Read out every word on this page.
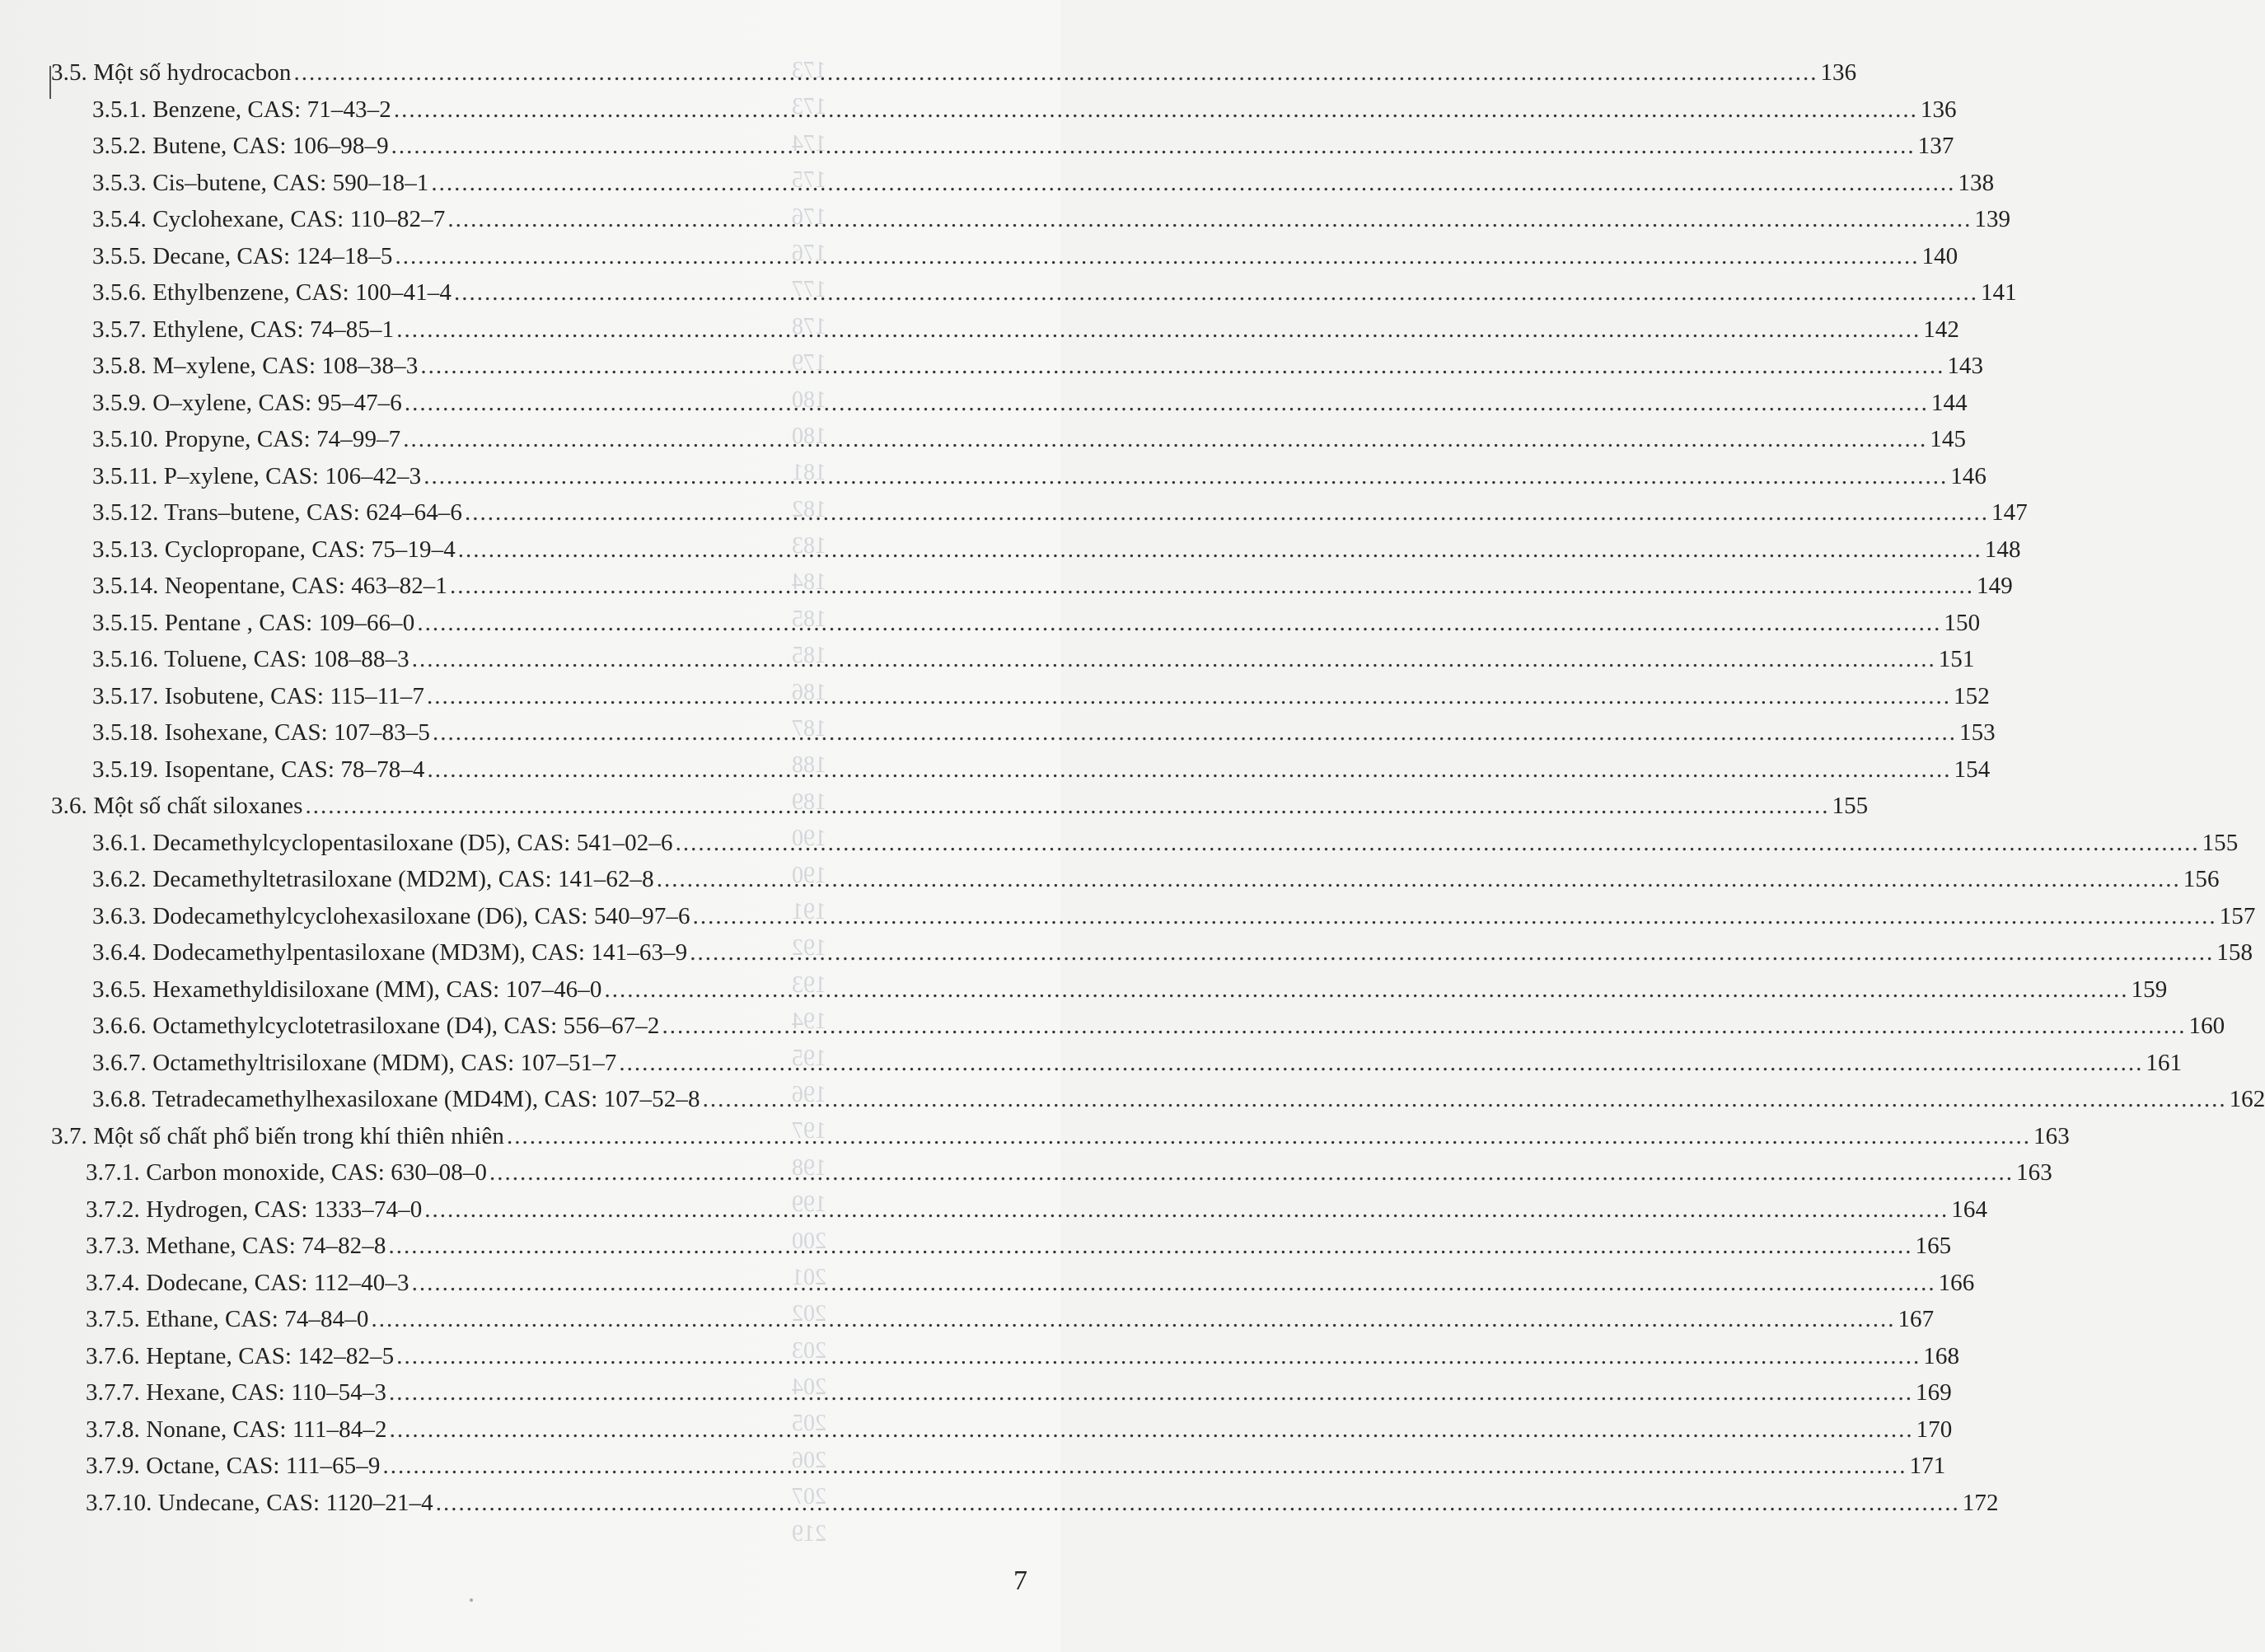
173
173
174
175
176
176
177
178
179
180
180
181
182
183
184
185
185
186
187
188
189
190
190
191
192
193
194
195
196
197
198
199
200
201
202
203
204
205
206
207
219
3.5. Một số hydrocacbon .....	136
3.5.1. Benzene, CAS: 71–43–2 .....	136
3.5.2. Butene, CAS: 106–98–9 .....	137
3.5.3. Cis–butene, CAS: 590–18–1 .....	138
3.5.4. Cyclohexane, CAS: 110–82–7 .....	139
3.5.5. Decane, CAS: 124–18–5 .....	140
3.5.6. Ethylbenzene, CAS: 100–41–4 .....	141
3.5.7. Ethylene, CAS: 74–85–1 .....	142
3.5.8. M–xylene, CAS: 108–38–3 .....	143
3.5.9. O–xylene, CAS: 95–47–6 .....	144
3.5.10. Propyne, CAS: 74–99–7 .....	145
3.5.11. P–xylene, CAS: 106–42–3 .....	146
3.5.12. Trans–butene, CAS: 624–64–6 .....	147
3.5.13. Cyclopropane, CAS: 75–19–4 .....	148
3.5.14. Neopentane, CAS: 463–82–1 .....	149
3.5.15. Pentane , CAS: 109–66–0 .....	150
3.5.16. Toluene, CAS: 108–88–3 .....	151
3.5.17. Isobutene, CAS: 115–11–7 .....	152
3.5.18. Isohexane, CAS: 107–83–5 .....	153
3.5.19. Isopentane, CAS: 78–78–4 .....	154
3.6. Một số chất siloxanes .....	155
3.6.1. Decamethylcyclopentasiloxane (D5), CAS: 541–02–6 .....	155
3.6.2. Decamethyltetrasiloxane (MD2M), CAS: 141–62–8 .....	156
3.6.3. Dodecamethylcyclohexasiloxane (D6), CAS: 540–97–6 .....	157
3.6.4. Dodecamethylpentasiloxane (MD3M), CAS: 141–63–9 .....	158
3.6.5. Hexamethyldisiloxane (MM), CAS: 107–46–0 .....	159
3.6.6. Octamethylcyclotetrasiloxane (D4), CAS: 556–67–2 .....	160
3.6.7. Octamethyltrisiloxane (MDM), CAS: 107–51–7 .....	161
3.6.8. Tetradecamethylhexasiloxane (MD4M), CAS: 107–52–8 .....	162
3.7. Một số chất phổ biến trong khí thiên nhiên .....	163
3.7.1. Carbon monoxide, CAS: 630–08–0 .....	163
3.7.2. Hydrogen, CAS: 1333–74–0 .....	164
3.7.3. Methane, CAS: 74–82–8 .....	165
3.7.4. Dodecane, CAS: 112–40–3 .....	166
3.7.5. Ethane, CAS: 74–84–0 .....	167
3.7.6. Heptane, CAS: 142–82–5 .....	168
3.7.7. Hexane, CAS: 110–54–3 .....	169
3.7.8. Nonane, CAS: 111–84–2 .....	170
3.7.9. Octane, CAS: 111–65–9 .....	171
3.7.10. Undecane, CAS: 1120–21–4 .....	172
7
